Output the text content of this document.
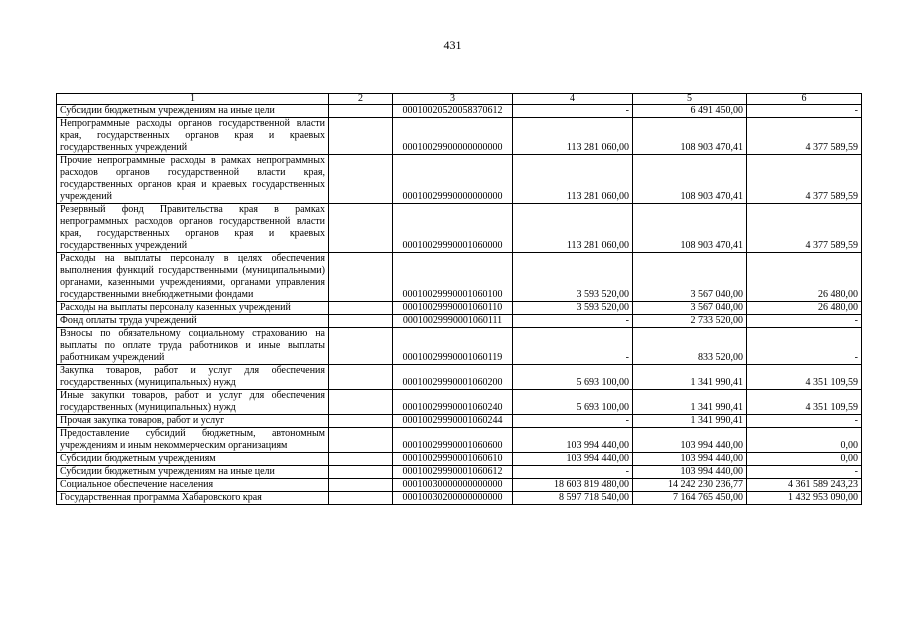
431
1	2	3	4	5	6
Субсидии бюджетным учреждениям на иные цели		00010020520058370612	-	6 491 450,00	-
Непрограммные расходы органов государственной власти края, государственных органов края и краевых государственных учреждений		00010029900000000000	113 281 060,00	108 903 470,41	4 377 589,59
Прочие непрограммные расходы в рамках непрограммных расходов органов государственной власти края, государственных органов края и краевых государственных учреждений		00010029990000000000	113 281 060,00	108 903 470,41	4 377 589,59
Резервный фонд Правительства края в рамках непрограммных расходов органов государственной власти края, государственных органов края и краевых государственных учреждений		00010029990001060000	113 281 060,00	108 903 470,41	4 377 589,59
Расходы на выплаты персоналу в целях обеспечения выполнения функций государственными (муниципальными) органами, казенными учреждениями, органами управления государственными внебюджетными фондами		00010029990001060100	3 593 520,00	3 567 040,00	26 480,00
Расходы на выплаты персоналу казенных учреждений		00010029990001060110	3 593 520,00	3 567 040,00	26 480,00
Фонд оплаты труда учреждений		00010029990001060111	-	2 733 520,00	-
Взносы по обязательному социальному страхованию на выплаты по оплате труда работников и иные выплаты работникам учреждений		00010029990001060119	-	833 520,00	-
Закупка товаров, работ и услуг для обеспечения государственных (муниципальных) нужд		00010029990001060200	5 693 100,00	1 341 990,41	4 351 109,59
Иные закупки товаров, работ и услуг для обеспечения государственных (муниципальных) нужд		00010029990001060240	5 693 100,00	1 341 990,41	4 351 109,59
Прочая закупка товаров, работ и услуг		00010029990001060244	-	1 341 990,41	-
Предоставление субсидий бюджетным, автономным учреждениям и иным некоммерческим организациям		00010029990001060600	103 994 440,00	103 994 440,00	0,00
Субсидии бюджетным учреждениям		00010029990001060610	103 994 440,00	103 994 440,00	0,00
Субсидии бюджетным учреждениям на иные цели		00010029990001060612	-	103 994 440,00	-
Социальное обеспечение населения		00010030000000000000	18 603 819 480,00	14 242 230 236,77	4 361 589 243,23
Государственная программа Хабаровского края		00010030200000000000	8 597 718 540,00	7 164 765 450,00	1 432 953 090,00
